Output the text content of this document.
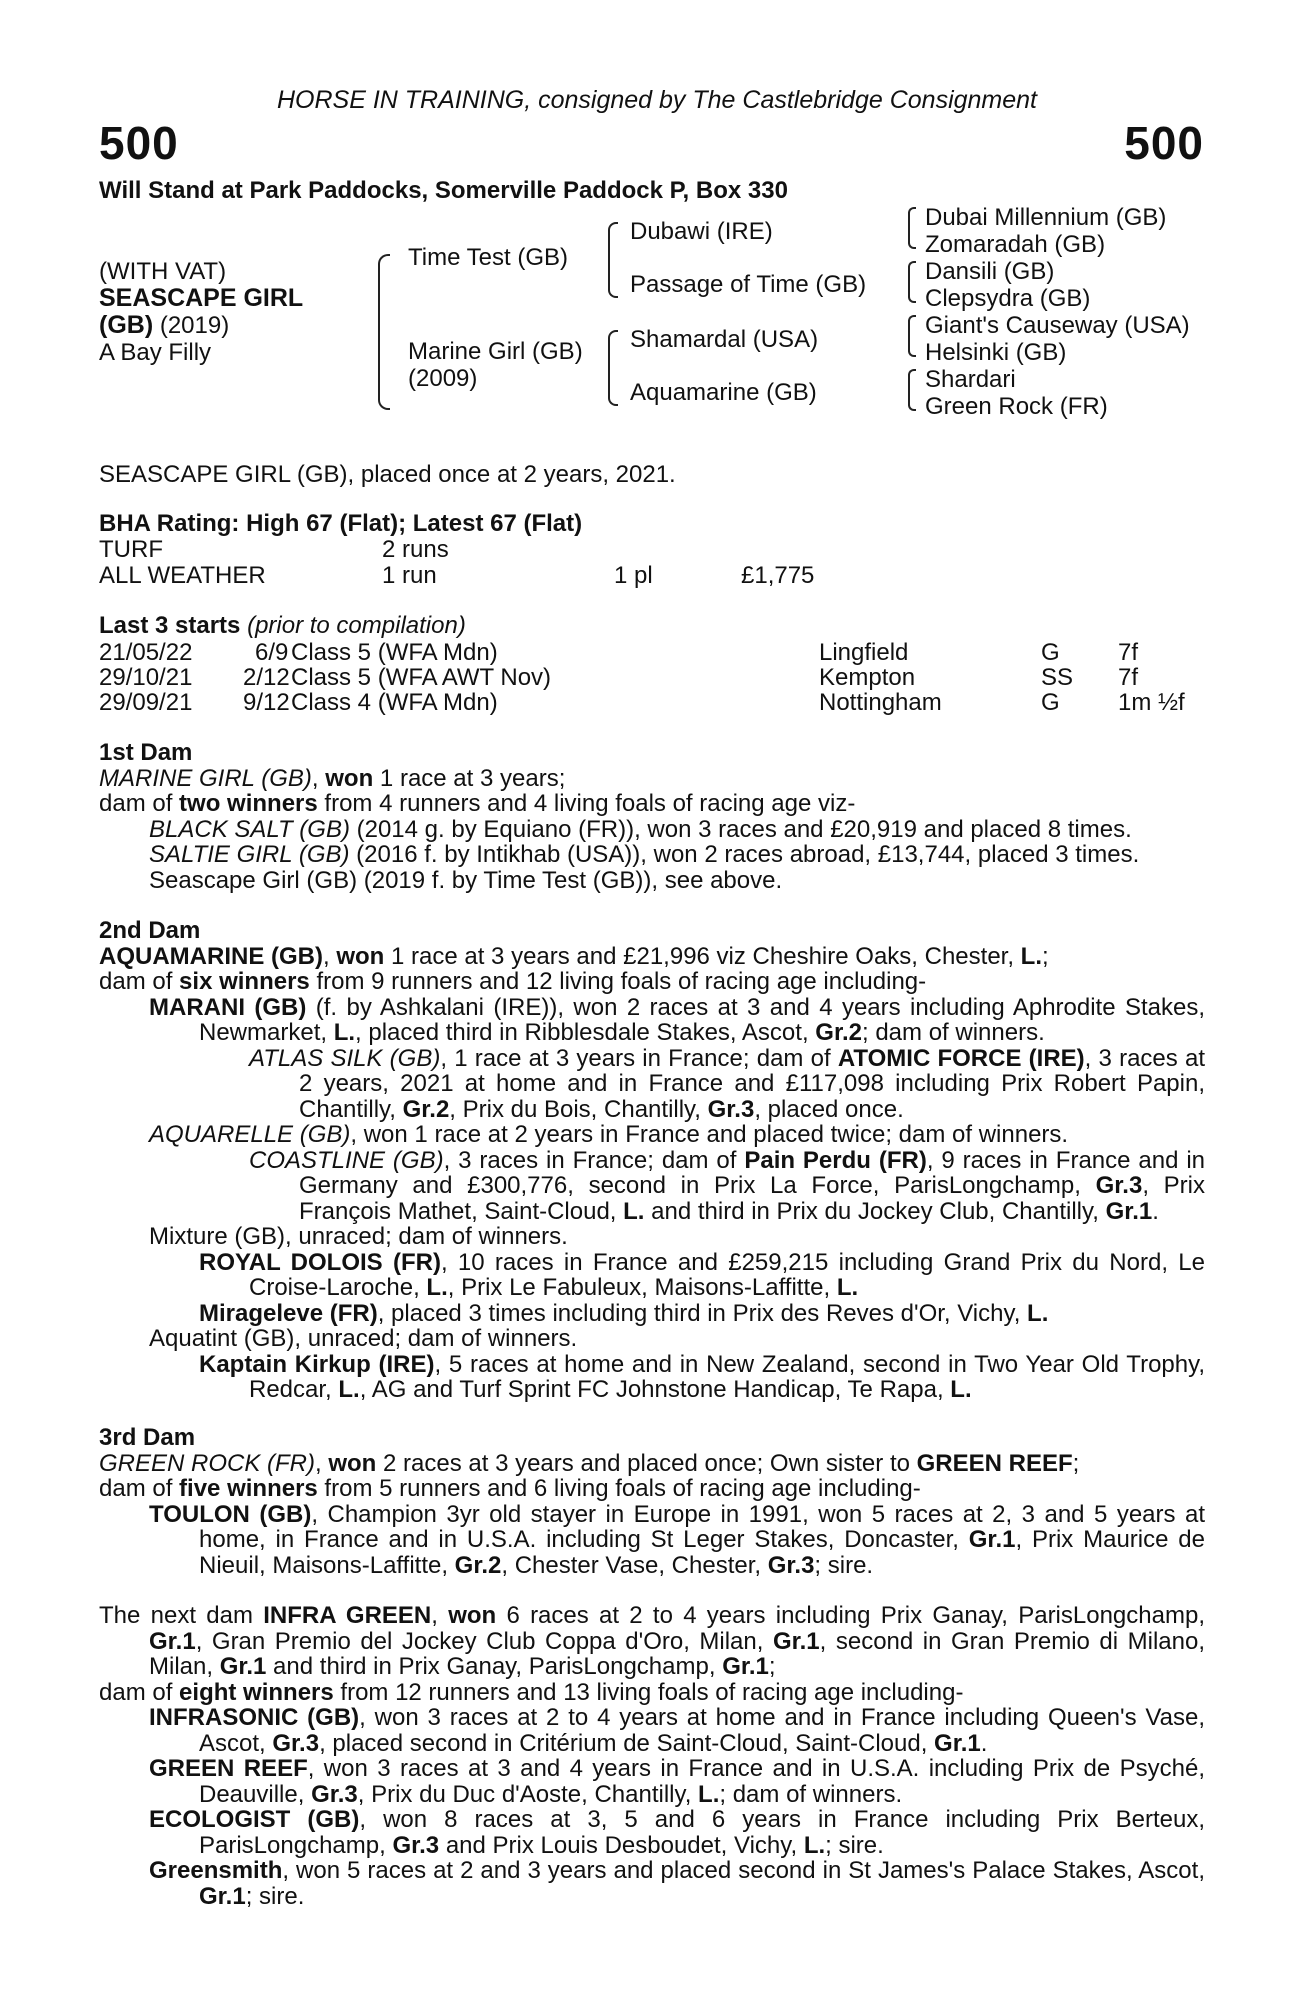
HORSE IN TRAINING, consigned by The Castlebridge Consignment
500	500
Will Stand at Park Paddocks, Somerville Paddock P, Box 330
(WITH VAT)
SEASCAPE GIRL
(GB) (2019)
A Bay Filly
Time Test (GB)
Marine Girl (GB)
(2009)
Dubawi (IRE)
Passage of Time (GB)
Shamardal (USA)
Aquamarine (GB)
Dubai Millennium (GB)
Zomaradah (GB)
Dansili (GB)
Clepsydra (GB)
Giant's Causeway (USA)
Helsinki (GB)
Shardari
Green Rock (FR)
SEASCAPE GIRL (GB), placed once at 2 years, 2021.
BHA Rating: High 67 (Flat); Latest 67 (Flat)
TURF	2 runs
ALL WEATHER	1 run	1 pl	£1,775
Last 3 starts (prior to compilation)
21/05/22	6/9 Class 5 (WFA Mdn)	Lingfield	G 7f
29/10/21 2/12 Class 5 (WFA AWT Nov)	Kempton	SS 7f
29/09/21 9/12 Class 4 (WFA Mdn)	Nottingham	G 1m ½f

1st Dam

MARINE GIRL (GB), won 1 race at 3 years;

dam of two winners from 4 runners and 4 living foals of racing age viz-

BLACK SALT (GB) (2014 g. by Equiano (FR)), won 3 races and £20,919 and placed 8 times.

SALTIE GIRL (GB) (2016 f. by Intikhab (USA)), won 2 races abroad, £13,744, placed 3 times.

Seascape Girl (GB) (2019 f. by Time Test (GB)), see above.

2nd Dam

AQUAMARINE (GB), won 1 race at 3 years and £21,996 viz Cheshire Oaks, Chester, L.;

dam of six winners from 9 runners and 12 living foals of racing age including-

MARANI (GB) (f. by Ashkalani (IRE)), won 2 races at 3 and 4 years including Aphrodite Stakes, Newmarket, L., placed third in Ribblesdale Stakes, Ascot, Gr.2; dam of winners.

ATLAS SILK (GB), 1 race at 3 years in France; dam of ATOMIC FORCE (IRE), 3 races at 2 years, 2021 at home and in France and £117,098 including Prix Robert Papin, Chantilly, Gr.2, Prix du Bois, Chantilly, Gr.3, placed once.

AQUARELLE (GB), won 1 race at 2 years in France and placed twice; dam of winners.

COASTLINE (GB), 3 races in France; dam of Pain Perdu (FR), 9 races in France and in Germany and £300,776, second in Prix La Force, ParisLongchamp, Gr.3, Prix François Mathet, Saint-Cloud, L. and third in Prix du Jockey Club, Chantilly, Gr.1.

Mixture (GB), unraced; dam of winners.

ROYAL DOLOIS (FR), 10 races in France and £259,215 including Grand Prix du Nord, Le Croise-Laroche, L., Prix Le Fabuleux, Maisons-Laffitte, L.

Mirageleve (FR), placed 3 times including third in Prix des Reves d'Or, Vichy, L.

Aquatint (GB), unraced; dam of winners.

Kaptain Kirkup (IRE), 5 races at home and in New Zealand, second in Two Year Old Trophy, Redcar, L., AG and Turf Sprint FC Johnstone Handicap, Te Rapa, L.

3rd Dam

GREEN ROCK (FR), won 2 races at 3 years and placed once; Own sister to GREEN REEF;

dam of five winners from 5 runners and 6 living foals of racing age including-

TOULON (GB), Champion 3yr old stayer in Europe in 1991, won 5 races at 2, 3 and 5 years at home, in France and in U.S.A. including St Leger Stakes, Doncaster, Gr.1, Prix Maurice de Nieuil, Maisons-Laffitte, Gr.2, Chester Vase, Chester, Gr.3; sire.

The next dam INFRA GREEN, won 6 races at 2 to 4 years including Prix Ganay, ParisLongchamp, Gr.1, Gran Premio del Jockey Club Coppa d'Oro, Milan, Gr.1, second in Gran Premio di Milano, Milan, Gr.1 and third in Prix Ganay, ParisLongchamp, Gr.1;

dam of eight winners from 12 runners and 13 living foals of racing age including-

INFRASONIC (GB), won 3 races at 2 to 4 years at home and in France including Queen's Vase, Ascot, Gr.3, placed second in Critérium de Saint-Cloud, Saint-Cloud, Gr.1.

GREEN REEF, won 3 races at 3 and 4 years in France and in U.S.A. including Prix de Psyché, Deauville, Gr.3, Prix du Duc d'Aoste, Chantilly, L.; dam of winners.

ECOLOGIST (GB), won 8 races at 3, 5 and 6 years in France including Prix Berteux, ParisLongchamp, Gr.3 and Prix Louis Desboudet, Vichy, L.; sire.

Greensmith, won 5 races at 2 and 3 years and placed second in St James's Palace Stakes, Ascot, Gr.1; sire.
